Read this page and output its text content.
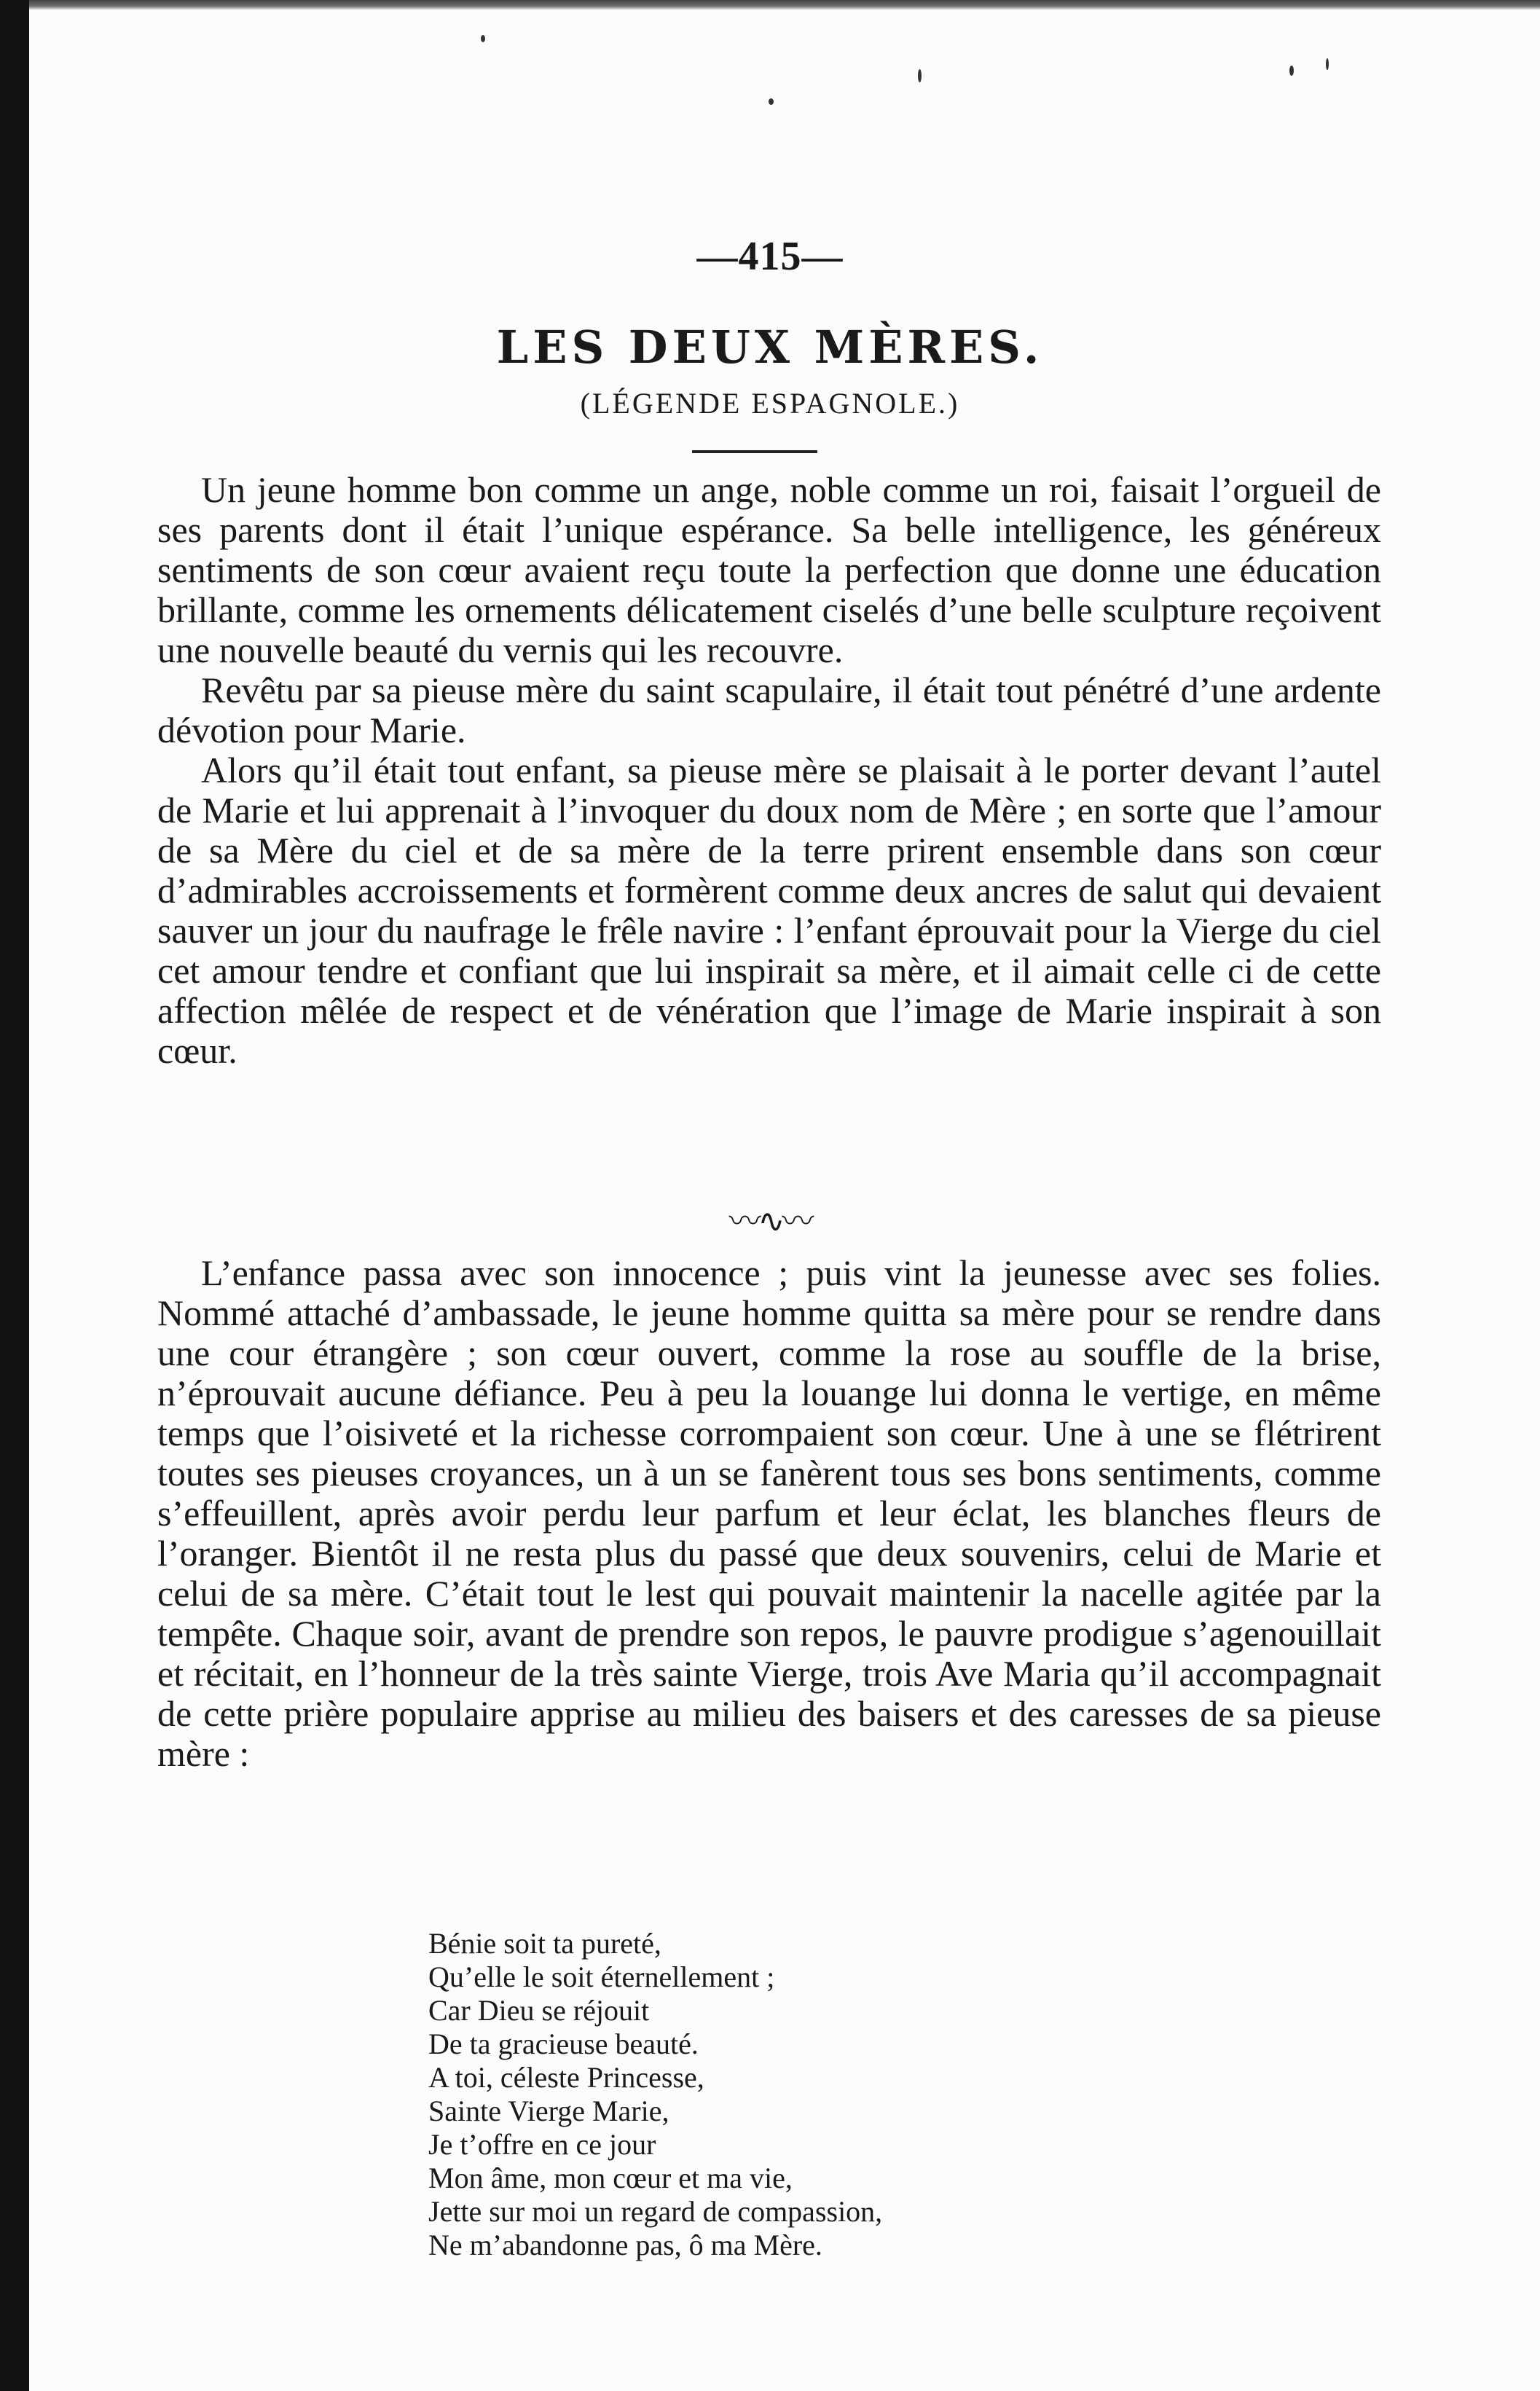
—415—
LES DEUX MÈRES.
(LÉGENDE ESPAGNOLE.)

Un jeune homme bon comme un ange, noble comme un roi, faisait l’orgueil de ses parents dont il était l’unique espérance. Sa belle intelligence, les généreux sentiments de son cœur avaient reçu toute la perfection que donne une éducation brillante, comme les ornements délicatement ciselés d’une belle sculpture reçoivent une nouvelle beauté du vernis qui les recouvre.

Revêtu par sa pieuse mère du saint scapulaire, il était tout pénétré d’une ardente dévotion pour Marie.

Alors qu’il était tout enfant, sa pieuse mère se plaisait à le porter devant l’autel de Marie et lui apprenait à l’invoquer du doux nom de Mère ; en sorte que l’amour de sa Mère du ciel et de sa mère de la terre prirent ensemble dans son cœur d’admirables accroissements et formèrent comme deux ancres de salut qui devaient sauver un jour du naufrage le frêle navire : l’enfant éprouvait pour la Vierge du ciel cet amour tendre et confiant que lui inspirait sa mère, et il aimait celle ci de cette affection mêlée de respect et de vénération que l’image de Marie inspirait à son cœur.

〰∿〰

L’enfance passa avec son innocence ; puis vint la jeunesse avec ses folies. Nommé attaché d’ambassade, le jeune homme quitta sa mère pour se rendre dans une cour étrangère ; son cœur ouvert, comme la rose au souffle de la brise, n’éprouvait aucune défiance. Peu à peu la louange lui donna le vertige, en même temps que l’oisiveté et la richesse corrompaient son cœur. Une à une se flétrirent toutes ses pieuses croyances, un à un se fanèrent tous ses bons sentiments, comme s’effeuillent, après avoir perdu leur parfum et leur éclat, les blanches fleurs de l’oranger. Bientôt il ne resta plus du passé que deux souvenirs, celui de Marie et celui de sa mère. C’était tout le lest qui pouvait maintenir la nacelle agitée par la tempête. Chaque soir, avant de prendre son repos, le pauvre prodigue s’agenouillait et récitait, en l’honneur de la très sainte Vierge, trois Ave Maria qu’il accompagnait de cette prière populaire apprise au milieu des baisers et des caresses de sa pieuse mère :

Bénie soit ta pureté,
Qu’elle le soit éternellement ;
Car Dieu se réjouit
De ta gracieuse beauté.
A toi, céleste Princesse,
Sainte Vierge Marie,
Je t’offre en ce jour
Mon âme, mon cœur et ma vie,
Jette sur moi un regard de compassion,
Ne m’abandonne pas, ô ma Mère.
